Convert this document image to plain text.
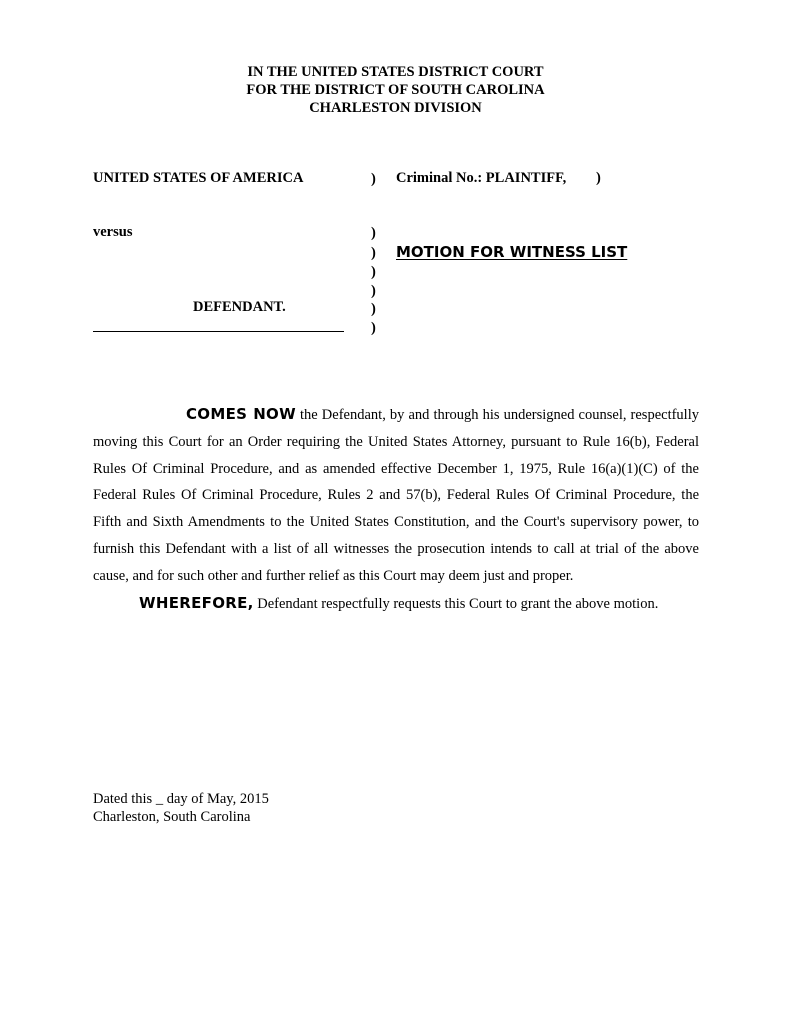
IN THE UNITED STATES DISTRICT COURT
FOR THE DISTRICT OF SOUTH CAROLINA
CHARLESTON DIVISION
UNITED STATES OF AMERICA	Criminal No.: PLAINTIFF, )
versus
DEFENDANT.
)
)
)
)
)
)
)
MOTION FOR WITNESS LIST

COMES NOW the Defendant, by and through his undersigned counsel, respectfully moving this Court for an Order requiring the United States Attorney, pursuant to Rule 16(b), Federal Rules Of Criminal Procedure, and as amended effective December 1, 1975, Rule 16(a)(1)(C) of the Federal Rules Of Criminal Procedure, Rules 2 and 57(b), Federal Rules Of Criminal Procedure, the Fifth and Sixth Amendments to the United States Constitution, and the Court's supervisory power, to furnish this Defendant with a list of all witnesses the prosecution intends to call at trial of the above cause, and for such other and further relief as this Court may deem just and proper.

WHEREFORE, Defendant respectfully requests this Court to grant the above motion.

Dated this _ day of May, 2015
Charleston, South Carolina
